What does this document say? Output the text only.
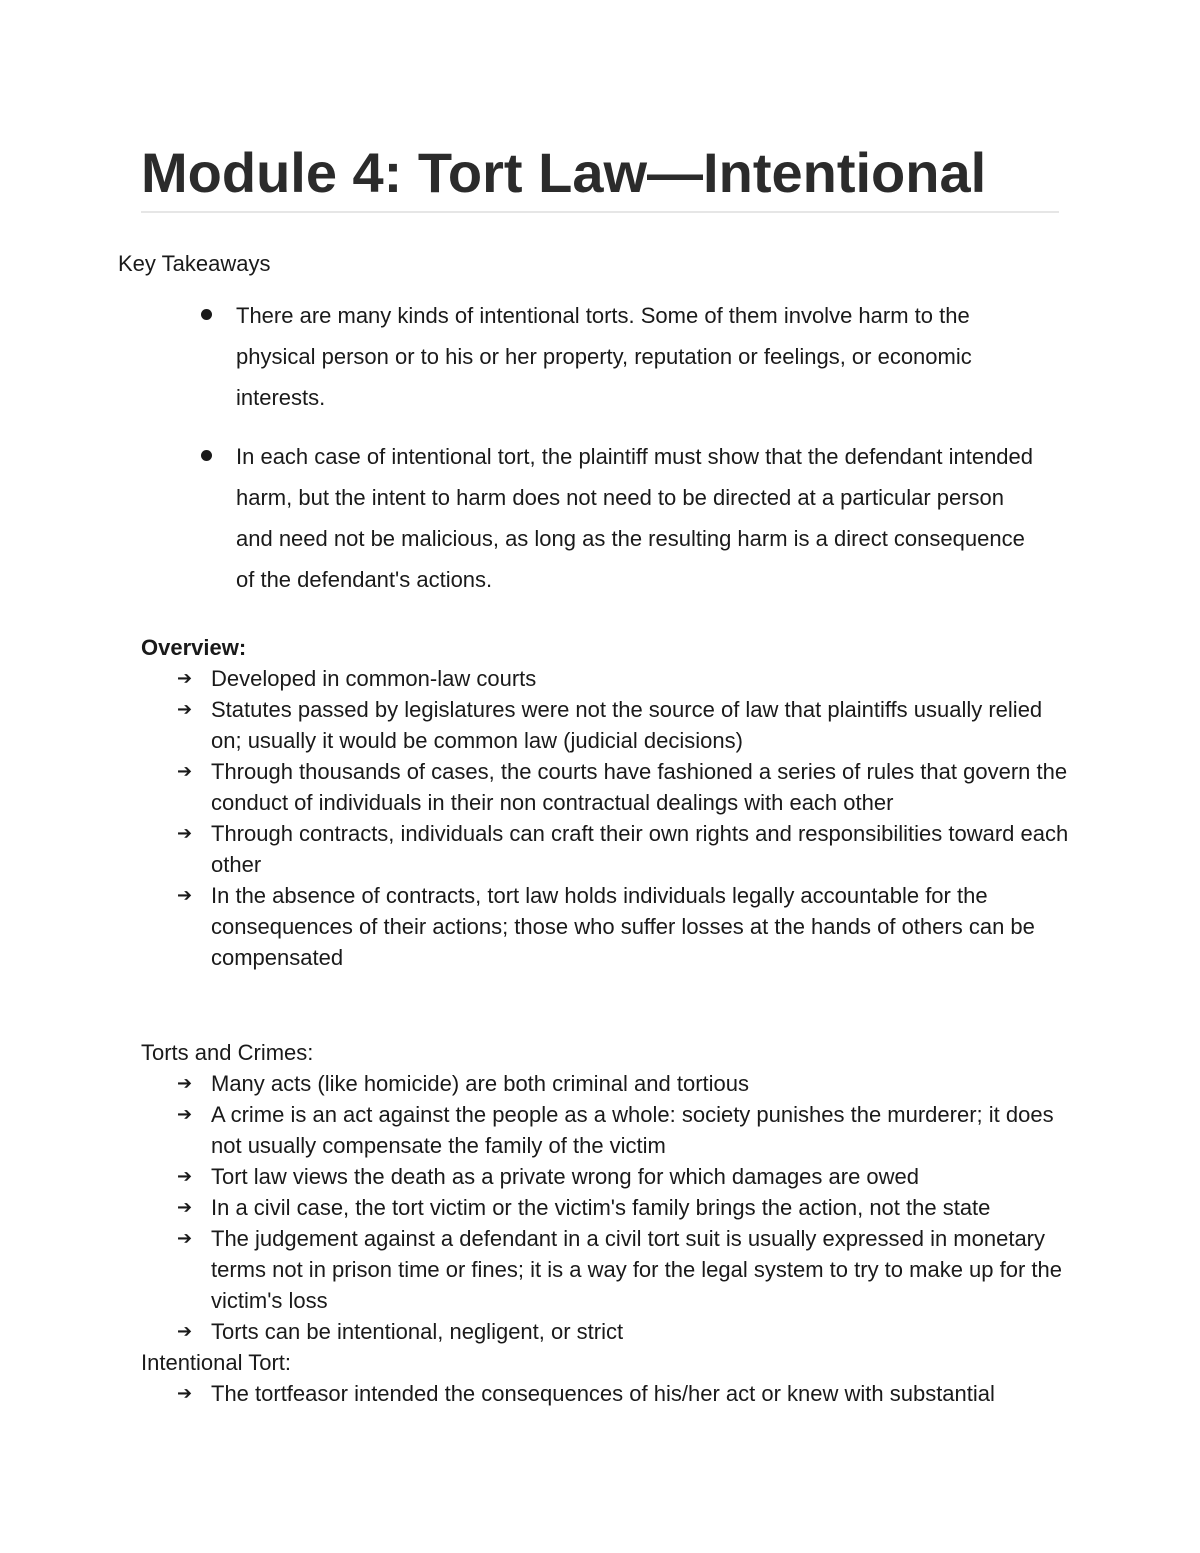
Module 4: Tort Law—Intentional

Key Takeaways

There are many kinds of intentional torts. Some of them involve harm to the physical person or to his or her property, reputation or feelings, or economic interests.
In each case of intentional tort, the plaintiff must show that the defendant intended harm, but the intent to harm does not need to be directed at a particular person and need not be malicious, as long as the resulting harm is a direct consequence of the defendant's actions.

Overview:

➔ Developed in common-law courts
➔ Statutes passed by legislatures were not the source of law that plaintiffs usually relied on; usually it would be common law (judicial decisions)
➔ Through thousands of cases, the courts have fashioned a series of rules that govern the conduct of individuals in their non contractual dealings with each other
➔ Through contracts, individuals can craft their own rights and responsibilities toward each other
➔ In the absence of contracts, tort law holds individuals legally accountable for the consequences of their actions; those who suffer losses at the hands of others can be compensated

Torts and Crimes:

➔ Many acts (like homicide) are both criminal and tortious
➔ A crime is an act against the people as a whole: society punishes the murderer; it does not usually compensate the family of the victim
➔ Tort law views the death as a private wrong for which damages are owed
➔ In a civil case, the tort victim or the victim's family brings the action, not the state
➔ The judgement against a defendant in a civil tort suit is usually expressed in monetary terms not in prison time or fines; it is a way for the legal system to try to make up for the victim's loss
➔ Torts can be intentional, negligent, or strict

Intentional Tort:

➔ The tortfeasor intended the consequences of his/her act or knew with substantial
